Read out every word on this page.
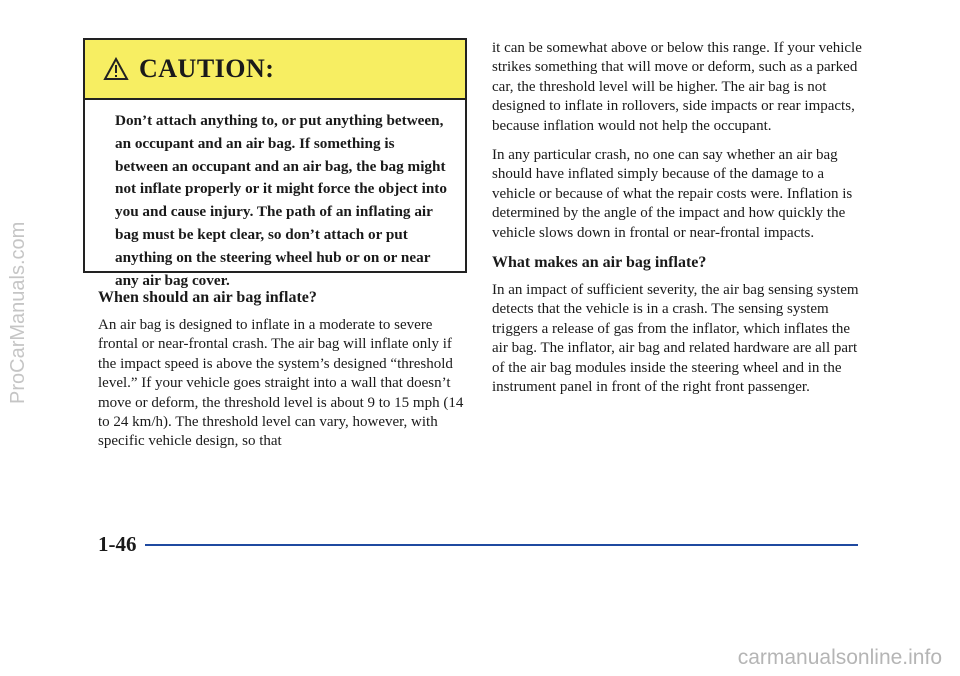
CAUTION:
Don’t attach anything to, or put anything between, an occupant and an air bag. If something is between an occupant and an air bag, the bag might not inflate properly or it might force the object into you and cause injury. The path of an inflating air bag must be kept clear, so don’t attach or put anything on the steering wheel hub or on or near any air bag cover.
When should an air bag inflate?

An air bag is designed to inflate in a moderate to severe frontal or near-frontal crash. The air bag will inflate only if the impact speed is above the system’s designed “threshold level.” If your vehicle goes straight into a wall that doesn’t move or deform, the threshold level is about 9 to 15 mph (14 to 24 km/h). The threshold level can vary, however, with specific vehicle design, so that

it can be somewhat above or below this range. If your vehicle strikes something that will move or deform, such as a parked car, the threshold level will be higher. The air bag is not designed to inflate in rollovers, side impacts or rear impacts, because inflation would not help the occupant.

In any particular crash, no one can say whether an air bag should have inflated simply because of the damage to a vehicle or because of what the repair costs were. Inflation is determined by the angle of the impact and how quickly the vehicle slows down in frontal or near-frontal impacts.

What makes an air bag inflate?

In an impact of sufficient severity, the air bag sensing system detects that the vehicle is in a crash. The sensing system triggers a release of gas from the inflator, which inflates the air bag. The inflator, air bag and related hardware are all part of the air bag modules inside the steering wheel and in the instrument panel in front of the right front passenger.

1-46
ProCarManuals.com
carmanualsonline.info
